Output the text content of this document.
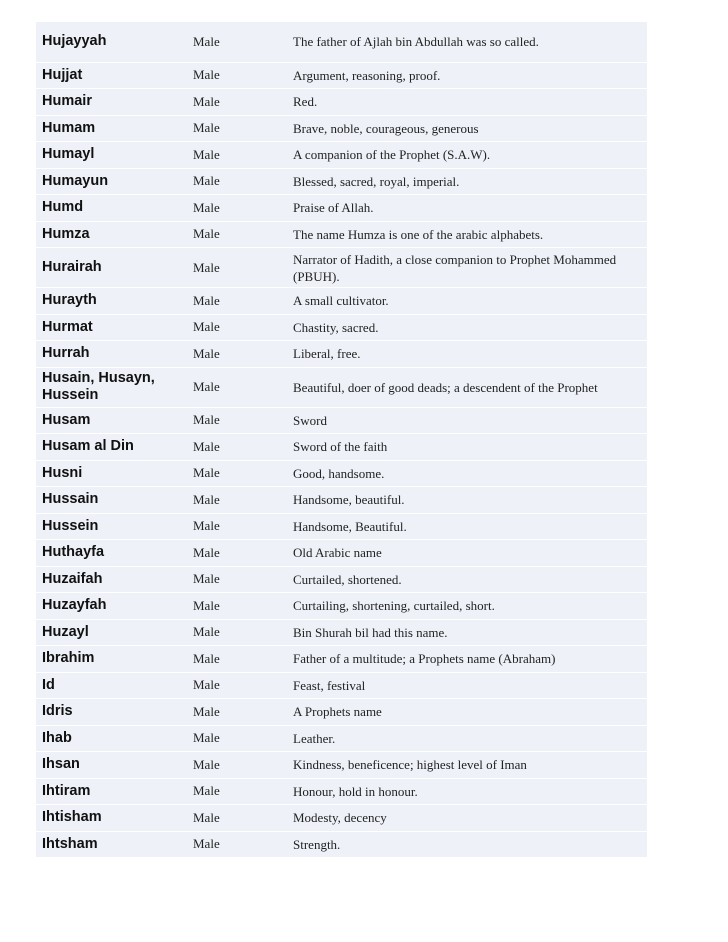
Hujayyah	Male	The father of Ajlah bin Abdullah was so called.
Hujjat	Male	Argument, reasoning, proof.
Humair	Male	Red.
Humam	Male	Brave, noble, courageous, generous
Humayl	Male	A companion of the Prophet (S.A.W).
Humayun	Male	Blessed, sacred, royal, imperial.
Humd	Male	Praise of Allah.
Humza	Male	The name Humza is one of the arabic alphabets.
Hurairah	Male	Narrator of Hadith, a close companion to Prophet Mohammed (PBUH).
Hurayth	Male	A small cultivator.
Hurmat	Male	Chastity, sacred.
Hurrah	Male	Liberal, free.
Husain, Husayn, Hussein	Male	Beautiful, doer of good deads; a descendent of the Prophet
Husam	Male	Sword
Husam al Din	Male	Sword of the faith
Husni	Male	Good, handsome.
Hussain	Male	Handsome, beautiful.
Hussein	Male	Handsome, Beautiful.
Huthayfa	Male	Old Arabic name
Huzaifah	Male	Curtailed, shortened.
Huzayfah	Male	Curtailing, shortening, curtailed, short.
Huzayl	Male	Bin Shurah bil had this name.
Ibrahim	Male	Father of a multitude; a Prophets name (Abraham)
Id	Male	Feast, festival
Idris	Male	A Prophets name
Ihab	Male	Leather.
Ihsan	Male	Kindness, beneficence; highest level of Iman
Ihtiram	Male	Honour, hold in honour.
Ihtisham	Male	Modesty, decency
Ihtsham	Male	Strength.
